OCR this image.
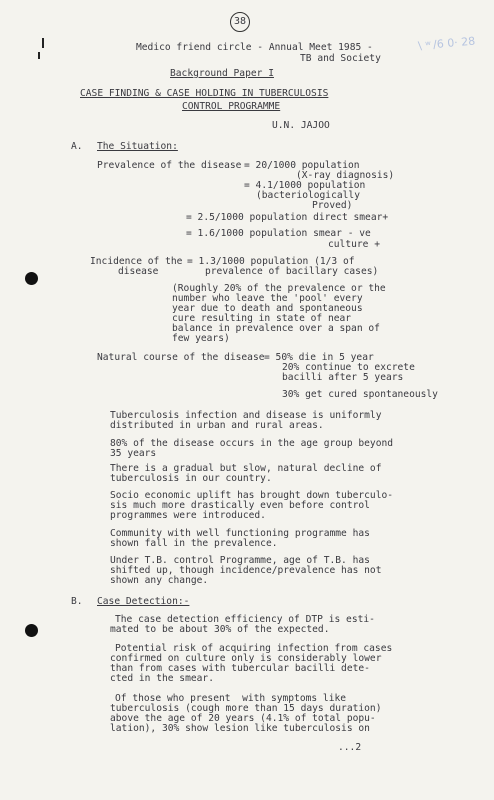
38
\ ʷ /6 0· 28
Medico friend circle - Annual Meet 1985 -
TB and Society
Background Paper I
CASE FINDING & CASE HOLDING IN TUBERCULOSIS
CONTROL PROGRAMME
U.N. JAJOO
A. The Situation:
Prevalence of the disease = 20/1000 population
(X-ray diagnosis)
= 4.1/1000 population
(bacteriologically
Proved)
= 2.5/1000 population direct smear+
= 1.6/1000 population smear - ve
culture +
Incidence of the
disease
= 1.3/1000 population (1/3 of
prevalence of bacillary cases)
(Roughly 20% of the prevalence or the
number who leave the 'pool' every
year due to death and spontaneous
cure resulting in state of near
balance in prevalence over a span of
few years)
Natural course of the disease = 50% die in 5 year
20% continue to excrete
bacilli after 5 years
30% get cured spontaneously
Tuberculosis infection and disease is uniformly
distributed in urban and rural areas.
80% of the disease occurs in the age group beyond
35 years
There is a gradual but slow, natural decline of
tuberculosis in our country.
Socio economic uplift has brought down tuberculo-
sis much more drastically even before control
programmes were introduced.
Community with well functioning programme has
shown fall in the prevalence.
Under T.B. control Programme, age of T.B. has
shifted up, though incidence/prevalence has not
shown any change.
B. Case Detection:-
The case detection efficiency of DTP is esti-
mated to be about 30% of the expected.
Potential risk of acquiring infection from cases
confirmed on culture only is considerably lower
than from cases with tubercular bacilli dete-
cted in the smear.
Of those who present  with symptoms like
tuberculosis (cough more than 15 days duration)
above the age of 20 years (4.1% of total popu-
lation), 30% show lesion like tuberculosis on
...2
